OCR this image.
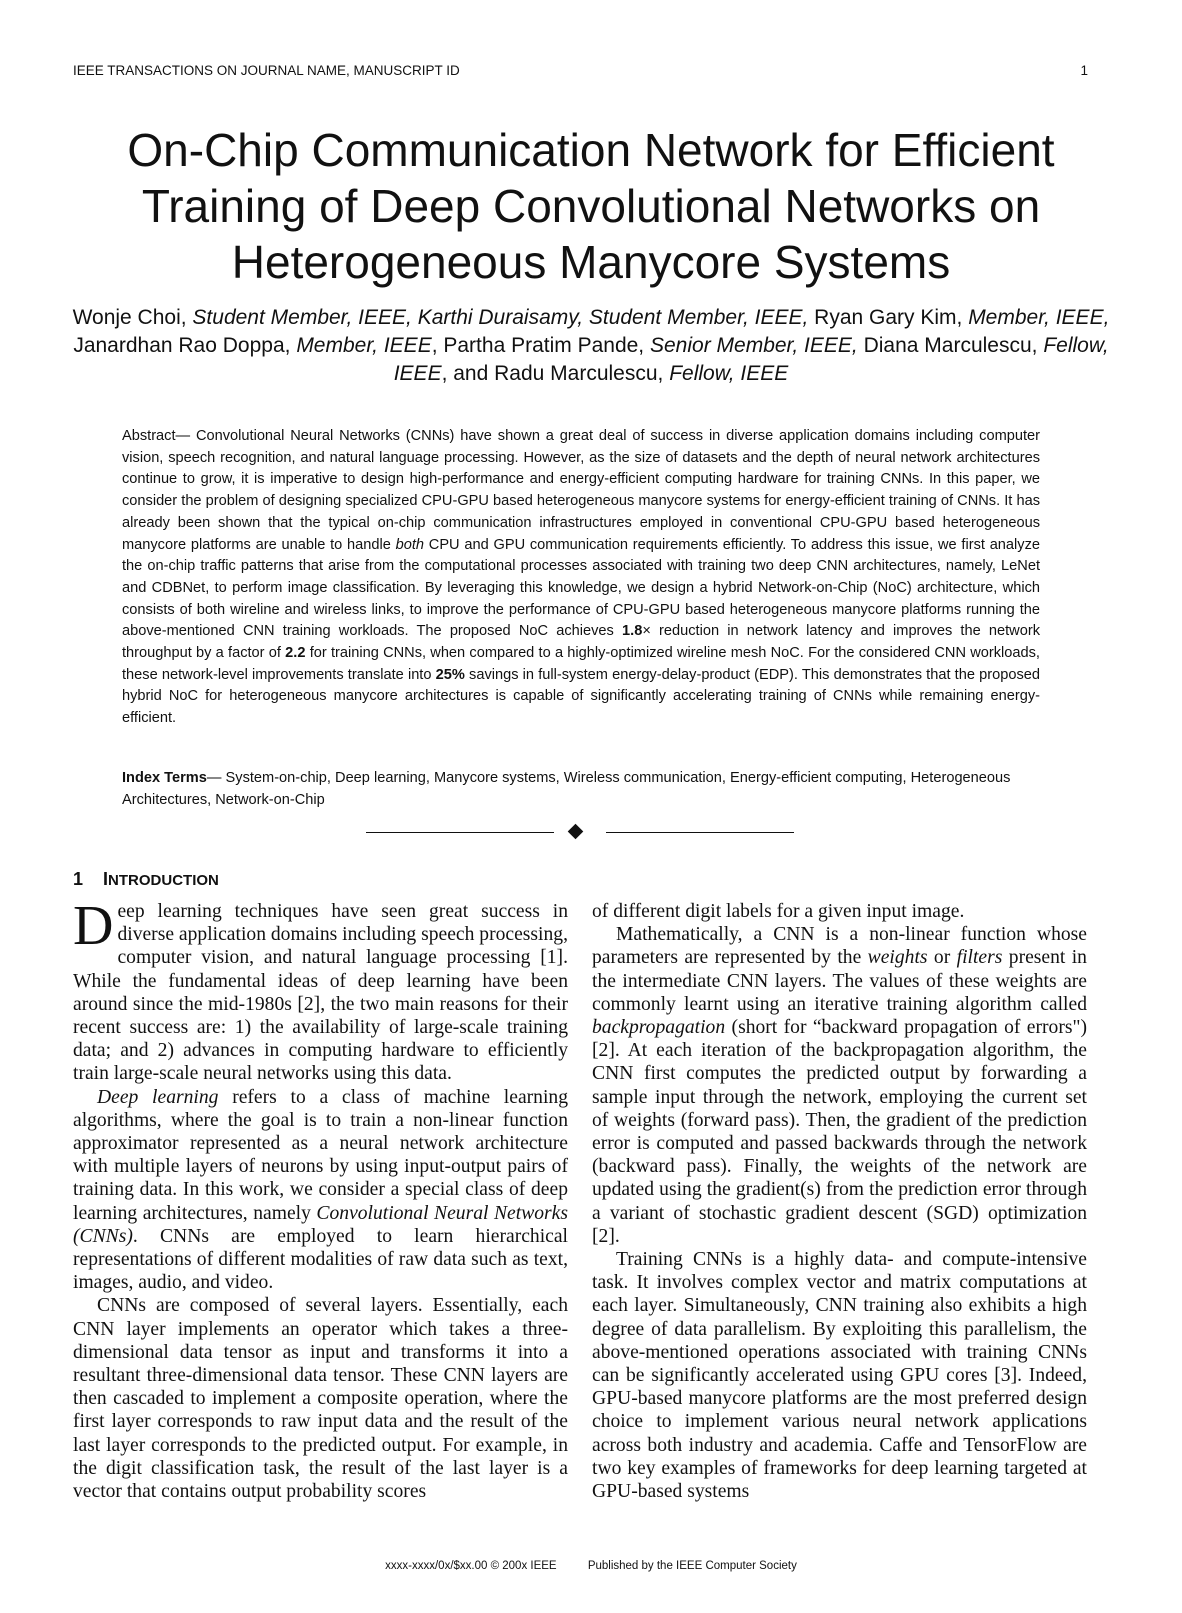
IEEE TRANSACTIONS ON JOURNAL NAME, MANUSCRIPT ID	1
On-Chip Communication Network for Efficient Training of Deep Convolutional Networks on Heterogeneous Manycore Systems
Wonje Choi, Student Member, IEEE, Karthi Duraisamy, Student Member, IEEE, Ryan Gary Kim, Member, IEEE, Janardhan Rao Doppa, Member, IEEE, Partha Pratim Pande, Senior Member, IEEE, Diana Marculescu, Fellow, IEEE, and Radu Marculescu, Fellow, IEEE
Abstract— Convolutional Neural Networks (CNNs) have shown a great deal of success in diverse application domains including computer vision, speech recognition, and natural language processing. However, as the size of datasets and the depth of neural network architectures continue to grow, it is imperative to design high-performance and energy-efficient computing hardware for training CNNs. In this paper, we consider the problem of designing specialized CPU-GPU based heterogeneous manycore systems for energy-efficient training of CNNs. It has already been shown that the typical on-chip communication infrastructures employed in conventional CPU-GPU based heterogeneous manycore platforms are unable to handle both CPU and GPU communication requirements efficiently. To address this issue, we first analyze the on-chip traffic patterns that arise from the computational processes associated with training two deep CNN architectures, namely, LeNet and CDBNet, to perform image classification. By leveraging this knowledge, we design a hybrid Network-on-Chip (NoC) architecture, which consists of both wireline and wireless links, to improve the performance of CPU-GPU based heterogeneous manycore platforms running the above-mentioned CNN training workloads. The proposed NoC achieves 1.8× reduction in network latency and improves the network throughput by a factor of 2.2 for training CNNs, when compared to a highly-optimized wireline mesh NoC. For the considered CNN workloads, these network-level improvements translate into 25% savings in full-system energy-delay-product (EDP). This demonstrates that the proposed hybrid NoC for heterogeneous manycore architectures is capable of significantly accelerating training of CNNs while remaining energy-efficient.
Index Terms— System-on-chip, Deep learning, Manycore systems, Wireless communication, Energy-efficient computing, Heterogeneous Architectures, Network-on-Chip
1 INTRODUCTION

Deep learning techniques have seen great success in diverse application domains including speech processing, computer vision, and natural language processing [1]. While the fundamental ideas of deep learning have been around since the mid-1980s [2], the two main reasons for their recent success are: 1) the availability of large-scale training data; and 2) advances in computing hardware to efficiently train large-scale neural networks using this data.

Deep learning refers to a class of machine learning algorithms, where the goal is to train a non-linear function approximator represented as a neural network architecture with multiple layers of neurons by using input-output pairs of training data. In this work, we consider a special class of deep learning architectures, namely Convolutional Neural Networks (CNNs). CNNs are employed to learn hierarchical representations of different modalities of raw data such as text, images, audio, and video.

CNNs are composed of several layers. Essentially, each CNN layer implements an operator which takes a three-dimensional data tensor as input and transforms it into a resultant three-dimensional data tensor. These CNN layers are then cascaded to implement a composite operation, where the first layer corresponds to raw input data and the result of the last layer corresponds to the predicted output. For example, in the digit classification task, the result of the last layer is a vector that contains output probability scores

of different digit labels for a given input image.

Mathematically, a CNN is a non-linear function whose parameters are represented by the weights or filters present in the intermediate CNN layers. The values of these weights are commonly learnt using an iterative training algorithm called backpropagation (short for “backward propagation of errors") [2]. At each iteration of the backpropagation algorithm, the CNN first computes the predicted output by forwarding a sample input through the network, employing the current set of weights (forward pass). Then, the gradient of the prediction error is computed and passed backwards through the network (backward pass). Finally, the weights of the network are updated using the gradient(s) from the prediction error through a variant of stochastic gradient descent (SGD) optimization [2].

Training CNNs is a highly data- and compute-intensive task. It involves complex vector and matrix computations at each layer. Simultaneously, CNN training also exhibits a high degree of data parallelism. By exploiting this parallelism, the above-mentioned operations associated with training CNNs can be significantly accelerated using GPU cores [3]. Indeed, GPU-based manycore platforms are the most preferred design choice to implement various neural network applications across both industry and academia. Caffe and TensorFlow are two key examples of frameworks for deep learning targeted at GPU-based systems

xxxx-xxxx/0x/$xx.00 © 200x IEEE	Published by the IEEE Computer Society
